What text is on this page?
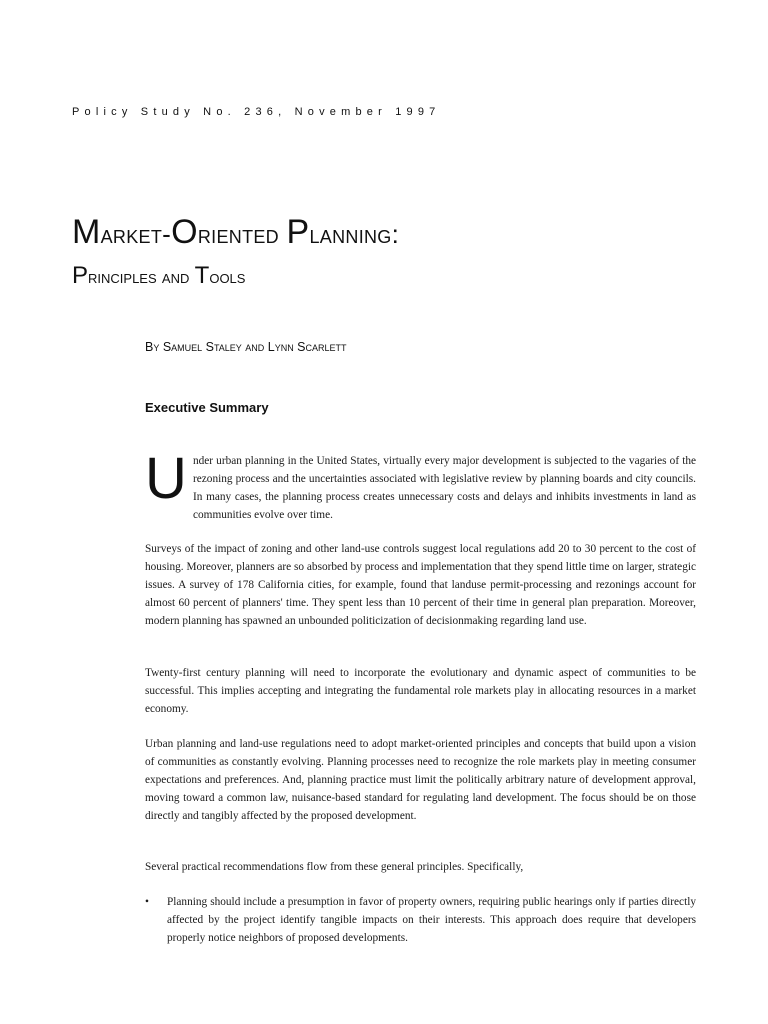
Policy Study No. 236, November 1997
Market-Oriented Planning:
Principles and Tools
By Samuel Staley and Lynn Scarlett
Executive Summary
U nder urban planning in the United States, virtually every major development is subjected to the vagaries of the rezoning process and the uncertainties associated with legislative review by planning boards and city councils. In many cases, the planning process creates unnecessary costs and delays and inhibits investments in land as communities evolve over time.
Surveys of the impact of zoning and other land-use controls suggest local regulations add 20 to 30 percent to the cost of housing. Moreover, planners are so absorbed by process and implementation that they spend little time on larger, strategic issues. A survey of 178 California cities, for example, found that landuse permit-processing and rezonings account for almost 60 percent of planners' time. They spent less than 10 percent of their time in general plan preparation. Moreover, modern planning has spawned an unbounded politicization of decisionmaking regarding land use.
Twenty-first century planning will need to incorporate the evolutionary and dynamic aspect of communities to be successful. This implies accepting and integrating the fundamental role markets play in allocating resources in a market economy.
Urban planning and land-use regulations need to adopt market-oriented principles and concepts that build upon a vision of communities as constantly evolving. Planning processes need to recognize the role markets play in meeting consumer expectations and preferences. And, planning practice must limit the politically arbitrary nature of development approval, moving toward a common law, nuisance-based standard for regulating land development. The focus should be on those directly and tangibly affected by the proposed development.
Several practical recommendations flow from these general principles. Specifically,
• Planning should include a presumption in favor of property owners, requiring public hearings only if parties directly affected by the project identify tangible impacts on their interests. This approach does require that developers properly notice neighbors of proposed developments.
